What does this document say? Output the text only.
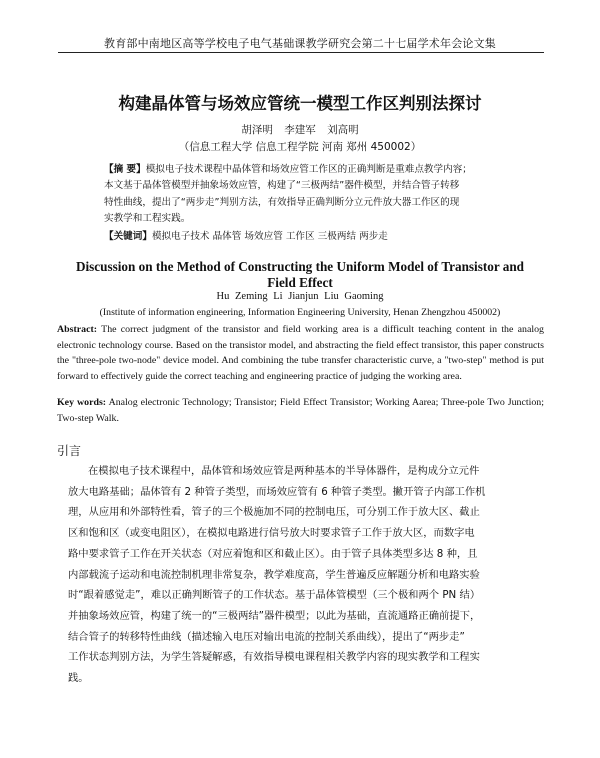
教育部中南地区高等学校电子电气基础课教学研究会第二十七届学术年会论文集
构建晶体管与场效应管统一模型工作区判别法探讨
胡泽明 李建军 刘高明
（信息工程大学 信息工程学院 河南 郑州 450002）
【摘 要】模拟电子技术课程中晶体管和场效应管工作区的正确判断是重难点教学内容；
本文基于晶体管模型并抽象场效应管，构建了“三极两结”器件模型，并结合管子转移
特性曲线，提出了“两步走”判别方法，有效指导正确判断分立元件放大器工作区的现
实教学和工程实践。
【关键词】模拟电子技术 晶体管 场效应管 工作区 三极两结 两步走
Discussion on the Method of Constructing the Uniform Model of Transistor and Field Effect
Hu Zeming Li Jianjun Liu Gaoming
(Institute of information engineering, Information Engineering University, Henan Zhengzhou 450002)
Abstract: The correct judgment of the transistor and field working area is a difficult teaching content in the analog electronic technology course. Based on the transistor model, and abstracting the field effect transistor, this paper constructs the "three-pole two-node" device model. And combining the tube transfer characteristic curve, a "two-step" method is put forward to effectively guide the correct teaching and engineering practice of judging the working area.
Key words: Analog electronic Technology; Transistor; Field Effect Transistor; Working Aarea; Three-pole Two Junction; Two-step Walk.
引言
在模拟电子技术课程中，晶体管和场效应管是两种基本的半导体器件，是构成分立元件
放大电路基础；晶体管有 2 种管子类型，而场效应管有 6 种管子类型。撇开管子内部工作机
理，从应用和外部特性看，管子的三个极施加不同的控制电压，可分别工作于放大区、截止
区和饱和区（或变电阻区），在模拟电路进行信号放大时要求管子工作于放大区，而数字电
路中要求管子工作在开关状态（对应着饱和区和截止区）。由于管子具体类型多达 8 种，且
内部载流子运动和电流控制机理非常复杂，教学难度高，学生普遍反应解题分析和电路实验
时“跟着感觉走”，难以正确判断管子的工作状态。基于晶体管模型（三个极和两个 PN 结）
并抽象场效应管，构建了统一的“三极两结”器件模型；以此为基础，直流通路正确前提下，
结合管子的转移特性曲线（描述输入电压对输出电流的控制关系曲线），提出了“两步走”
工作状态判别方法，为学生答疑解惑，有效指导模电课程相关教学内容的现实教学和工程实
践。
